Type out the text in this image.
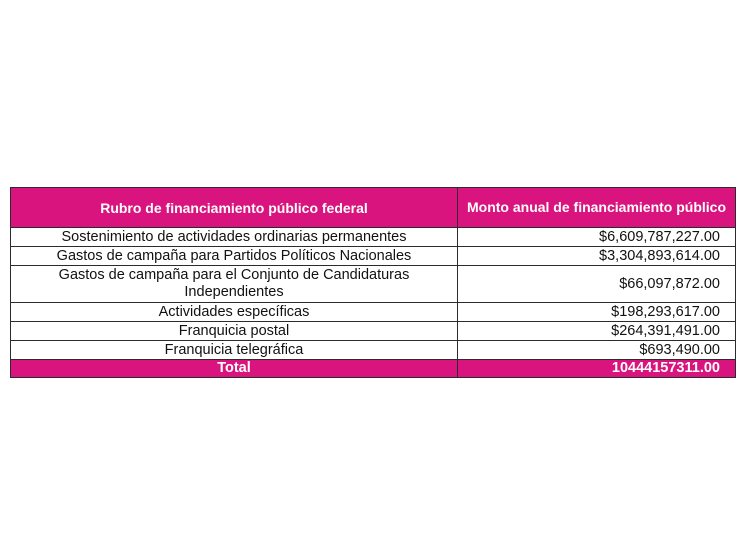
Rubro de financiamiento público federal	Monto anual de financiamiento público
Sostenimiento de actividades ordinarias permanentes	$6,609,787,227.00
Gastos de campaña para Partidos Políticos Nacionales	$3,304,893,614.00
Gastos de campaña para el Conjunto de Candidaturas Independientes	$66,097,872.00
Actividades específicas	$198,293,617.00
Franquicia postal	$264,391,491.00
Franquicia telegráfica	$693,490.00
Total	10444157311.00
